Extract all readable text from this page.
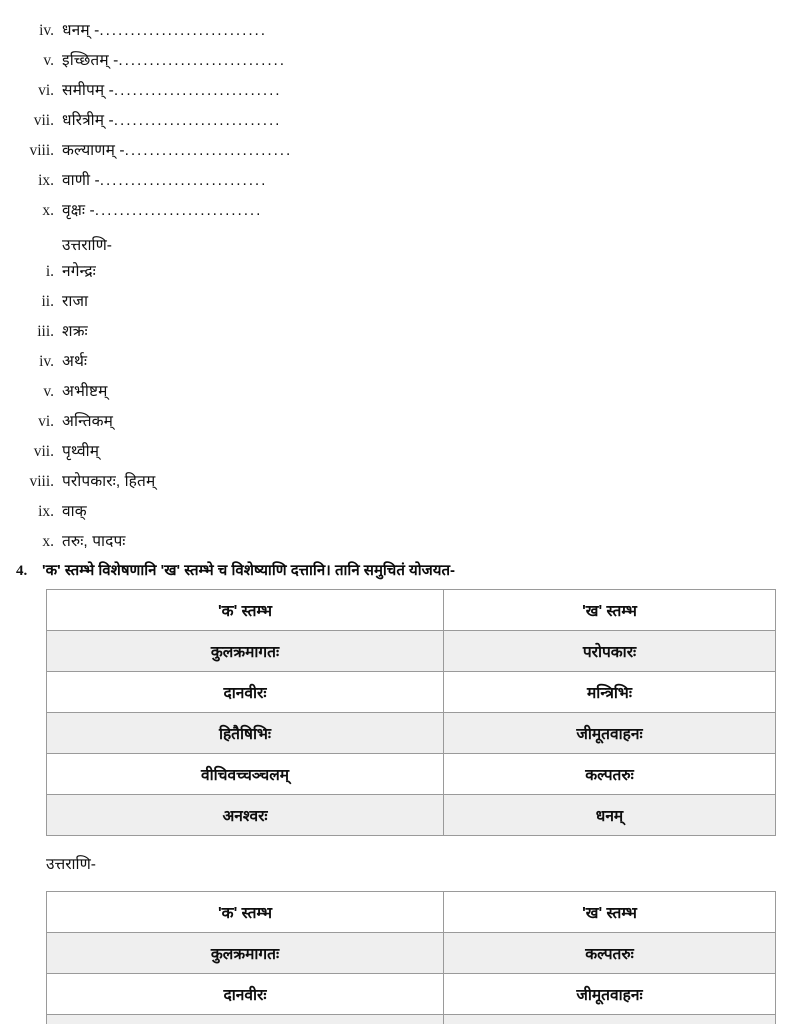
iv. धनम् - ...........................
v. इच्छितम् - ...........................
vi. समीपम् - ...........................
vii. धरित्रीम् - ...........................
viii. कल्याणम् - ...........................
ix. वाणी - ...........................
x. वृक्षः - ...........................
उत्तराणि-
i. नगेन्द्रः
ii. राजा
iii. शक्रः
iv. अर्थः
v. अभीष्टम्
vi. अन्तिकम्
vii. पृथ्वीम्
viii. परोपकारः, हितम्
ix. वाक्
x. तरुः, पादपः
4. 'क' स्तम्भे विशेषणानि 'ख' स्तम्भे च विशेष्याणि दत्तानि। तानि समुचितं योजयत-
'क' स्तम्भ	'ख' स्तम्भ
कुलक्रमागतः	परोपकारः
दानवीरः	मन्त्रिभिः
हितैषिभिः	जीमूतवाहनः
वीचिवच्चञ्चलम्	कल्पतरुः
अनश्वरः	धनम्
उत्तराणि-
'क' स्तम्भ	'ख' स्तम्भ
कुलक्रमागतः	कल्पतरुः
दानवीरः	जीमूतवाहनः
